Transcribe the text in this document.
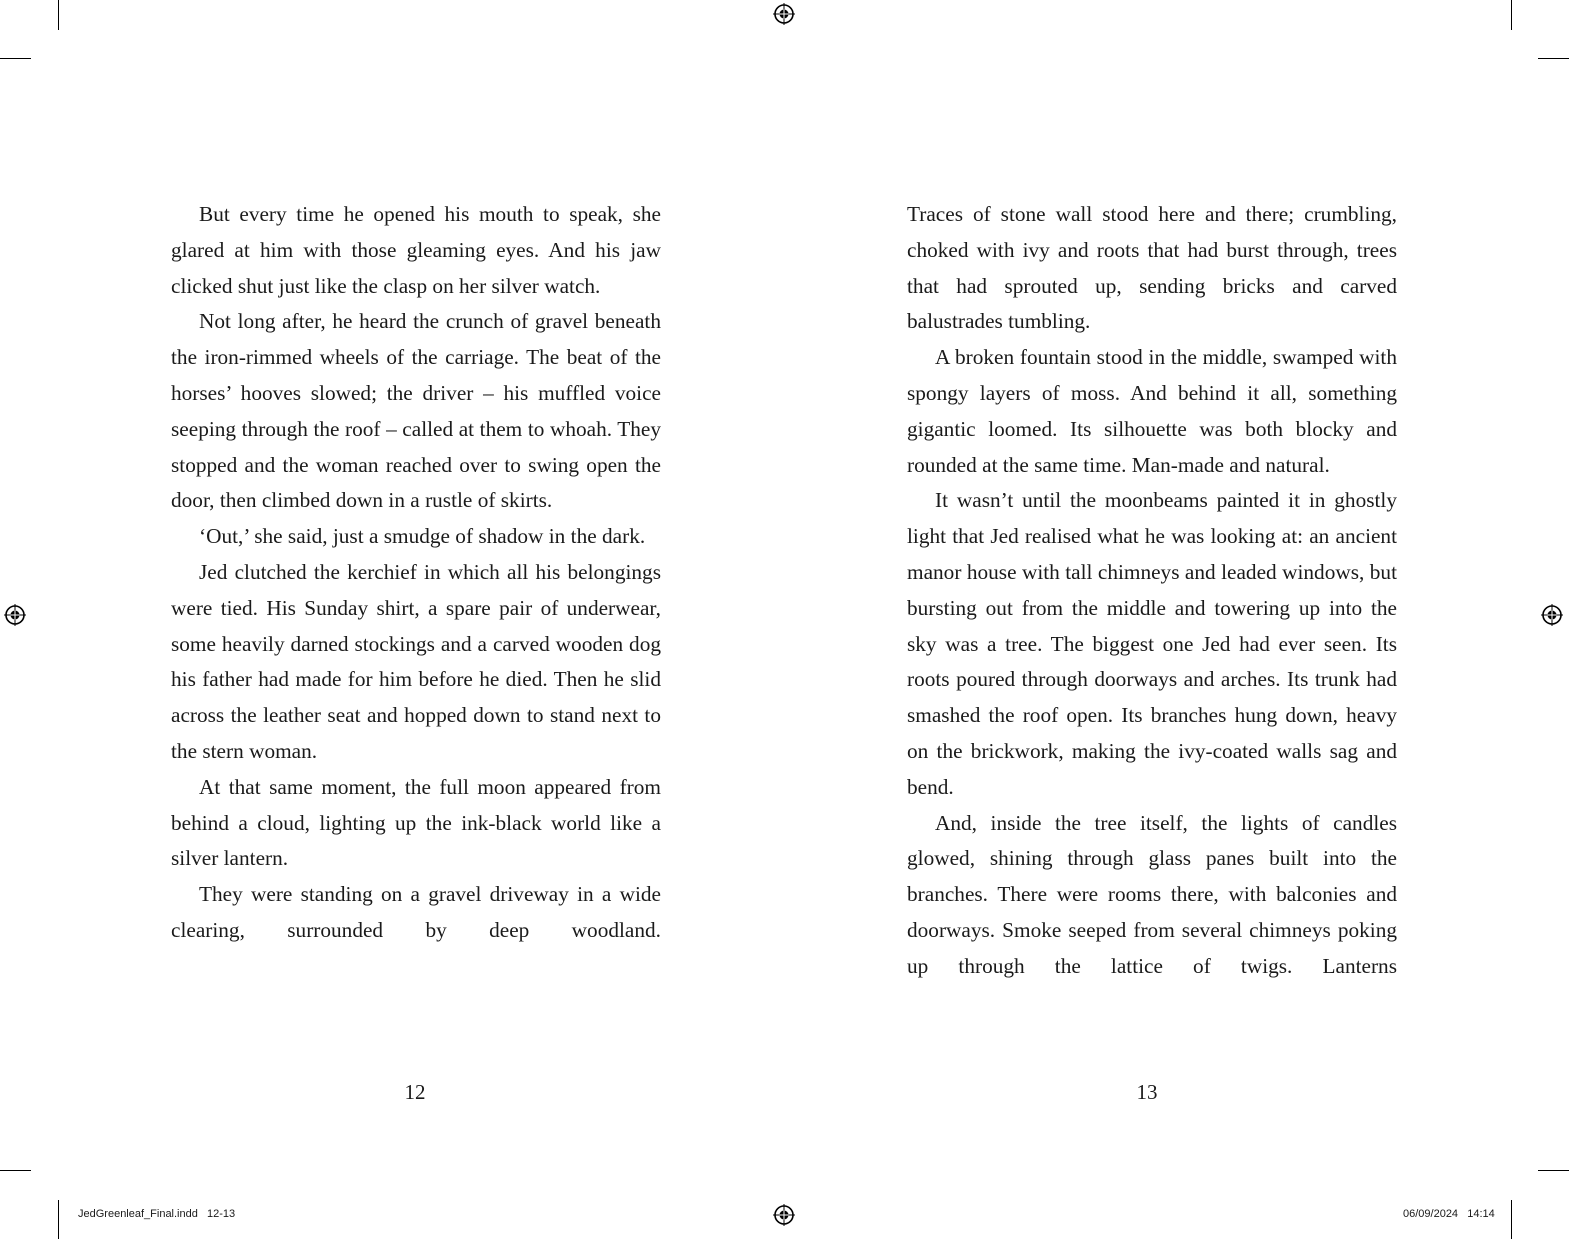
But every time he opened his mouth to speak, she glared at him with those gleaming eyes. And his jaw clicked shut just like the clasp on her silver watch.

Not long after, he heard the crunch of gravel beneath the iron-rimmed wheels of the carriage. The beat of the horses’ hooves slowed; the driver – his muffled voice seeping through the roof – called at them to whoah. They stopped and the woman reached over to swing open the door, then climbed down in a rustle of skirts.

‘Out,’ she said, just a smudge of shadow in the dark.

Jed clutched the kerchief in which all his belongings were tied. His Sunday shirt, a spare pair of underwear, some heavily darned stockings and a carved wooden dog his father had made for him before he died. Then he slid across the leather seat and hopped down to stand next to the stern woman.

At that same moment, the full moon appeared from behind a cloud, lighting up the ink-black world like a silver lantern.

They were standing on a gravel driveway in a wide clearing, surrounded by deep woodland.

Traces of stone wall stood here and there; crumbling, choked with ivy and roots that had burst through, trees that had sprouted up, sending bricks and carved balustrades tumbling.

A broken fountain stood in the middle, swamped with spongy layers of moss. And behind it all, something gigantic loomed. Its silhouette was both blocky and rounded at the same time. Man-made and natural.

It wasn’t until the moonbeams painted it in ghostly light that Jed realised what he was looking at: an ancient manor house with tall chimneys and leaded windows, but bursting out from the middle and towering up into the sky was a tree. The biggest one Jed had ever seen. Its roots poured through doorways and arches. Its trunk had smashed the roof open. Its branches hung down, heavy on the brickwork, making the ivy-coated walls sag and bend.

And, inside the tree itself, the lights of candles glowed, shining through glass panes built into the branches. There were rooms there, with balconies and doorways. Smoke seeped from several chimneys poking up through the lattice of twigs. Lanterns

12	13
JedGreenleaf_Final.indd   12-13	06/09/2024   14:14
